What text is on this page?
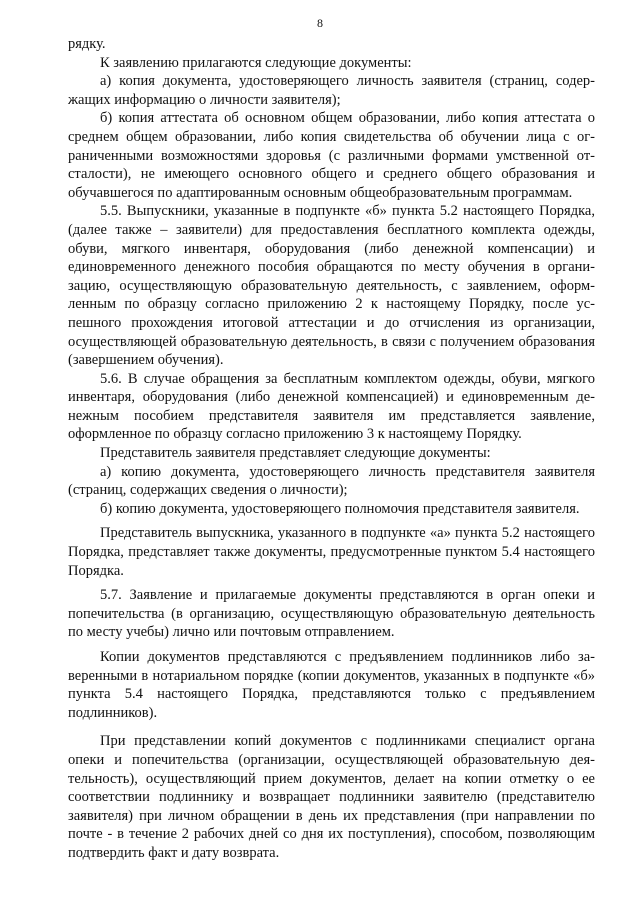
8

рядку.

К заявлению прилагаются следующие документы:

а) копия документа, удостоверяющего личность заявителя (страниц, содержащих информацию о личности заявителя);

б) копия аттестата об основном общем образовании, либо копия аттестата о среднем общем образовании, либо копия свидетельства об обучении лица с ограниченными возможностями здоровья (с различными формами умственной отсталости), не имеющего основного общего и среднего общего образования и обучавшегося по адаптированным основным общеобразовательным программам.

5.5. Выпускники, указанные в подпункте «б» пункта 5.2 настоящего Порядка, (далее также – заявители) для предоставления бесплатного комплекта одежды, обуви, мягкого инвентаря, оборудования (либо денежной компенсации) и единовременного денежного пособия обращаются по месту обучения в организацию, осуществляющую образовательную деятельность, с заявлением, оформленным по образцу согласно приложению 2 к настоящему Порядку, после успешного прохождения итоговой аттестации и до отчисления из организации, осуществляющей образовательную деятельность, в связи с получением образования (завершением обучения).

5.6. В случае обращения за бесплатным комплектом одежды, обуви, мягкого инвентаря, оборудования (либо денежной компенсацией) и единовременным денежным пособием представителя заявителя им представляется заявление, оформленное по образцу согласно приложению 3 к настоящему Порядку.

Представитель заявителя представляет следующие документы:

а) копию документа, удостоверяющего личность представителя заявителя (страниц, содержащих сведения о личности);

б) копию документа, удостоверяющего полномочия представителя заявителя.

Представитель выпускника, указанного в подпункте «а» пункта 5.2 настоящего Порядка, представляет также документы, предусмотренные пунктом 5.4 настоящего Порядка.

5.7. Заявление и прилагаемые документы представляются в орган опеки и попечительства (в организацию, осуществляющую образовательную деятельность по месту учебы) лично или почтовым отправлением.

Копии документов представляются с предъявлением подлинников либо заверенными в нотариальном порядке (копии документов, указанных в подпункте «б» пункта 5.4 настоящего Порядка, представляются только с предъявлением подлинников).

При представлении копий документов с подлинниками специалист органа опеки и попечительства (организации, осуществляющей образовательную деятельность), осуществляющий прием документов, делает на копии отметку о ее соответствии подлиннику и возвращает подлинники заявителю (представителю заявителя) при личном обращении в день их представления (при направлении по почте - в течение 2 рабочих дней со дня их поступления), способом, позволяющим подтвердить факт и дату возврата.
